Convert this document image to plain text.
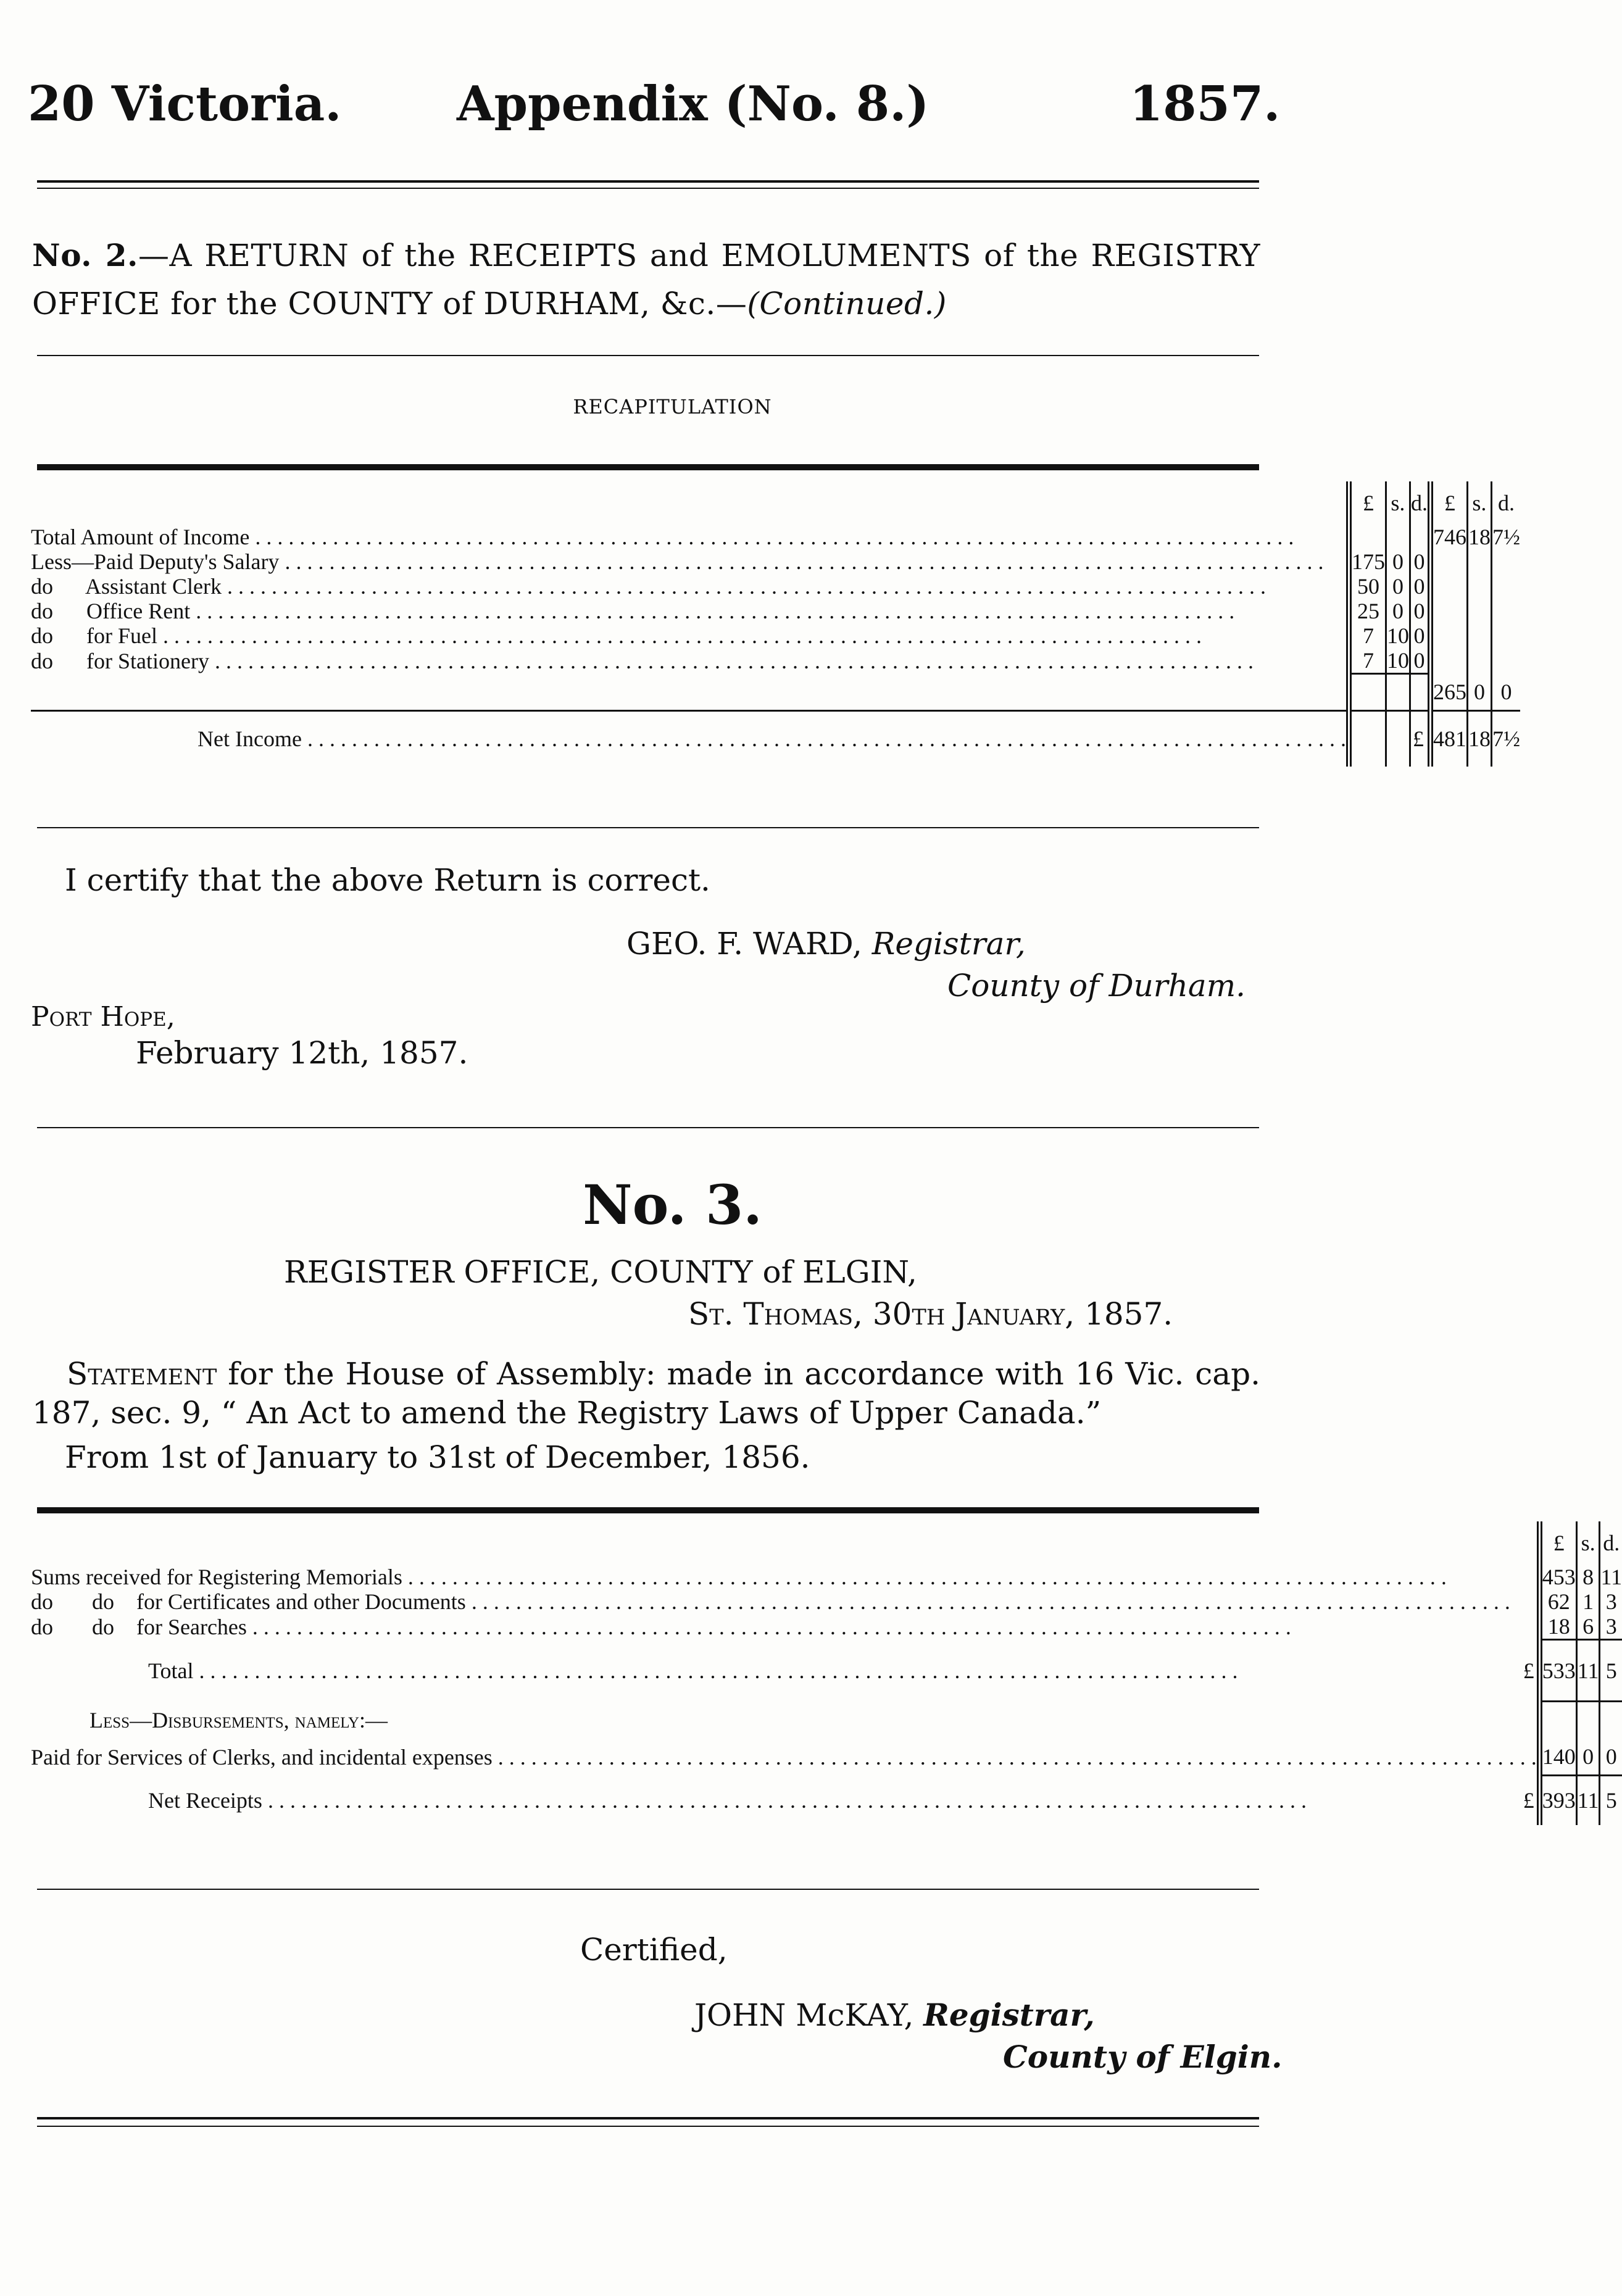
20 Victoria. Appendix (No. 8.)	1857.
No. 2.—A RETURN of the RECEIPTS and EMOLUMENTS of the REGISTRY OFFICE for the COUNTY of DURHAM, &c.—(Continued.)
RECAPITULATION
	£	s.	d.	£	s.	d.
Total Amount of Income . . .				746	18	7½
Less—Paid Deputy's Salary . . .	175	0	0			
do      Assistant Clerk . . .	50	0	0			
do      Office Rent . . .	25	0	0			
do      for Fuel . . .	7	10	0			
do      for Stationery . . .	7	10	0			
				265	0	0
Net Income . . .			£	481	18	7½
I certify that the above Return is correct.
GEO. F. WARD, Registrar,
County of Durham.
Port Hope,
February 12th, 1857.
No. 3.
REGISTER OFFICE, COUNTY of ELGIN,
St. Thomas, 30th January, 1857.
Statement for the House of Assembly: made in accordance with 16 Vic. cap. 187, sec. 9, “ An Act to amend the Registry Laws of Upper Canada.”
From 1st of January to 31st of December, 1856.
	£	s.	d.
Sums received for Registering Memorials . . .	453	8	11
do       do    for Certificates and other Documents . . .	62	1	3
do       do    for Searches . . .	18	6	3
Total . . . £	533	11	5
Less—Disbursements, namely:—			
Paid for Services of Clerks, and incidental expenses . . .	140	0	0
Net Receipts . . . £	393	11	5
Certified,
JOHN McKAY, Registrar,
County of Elgin.
